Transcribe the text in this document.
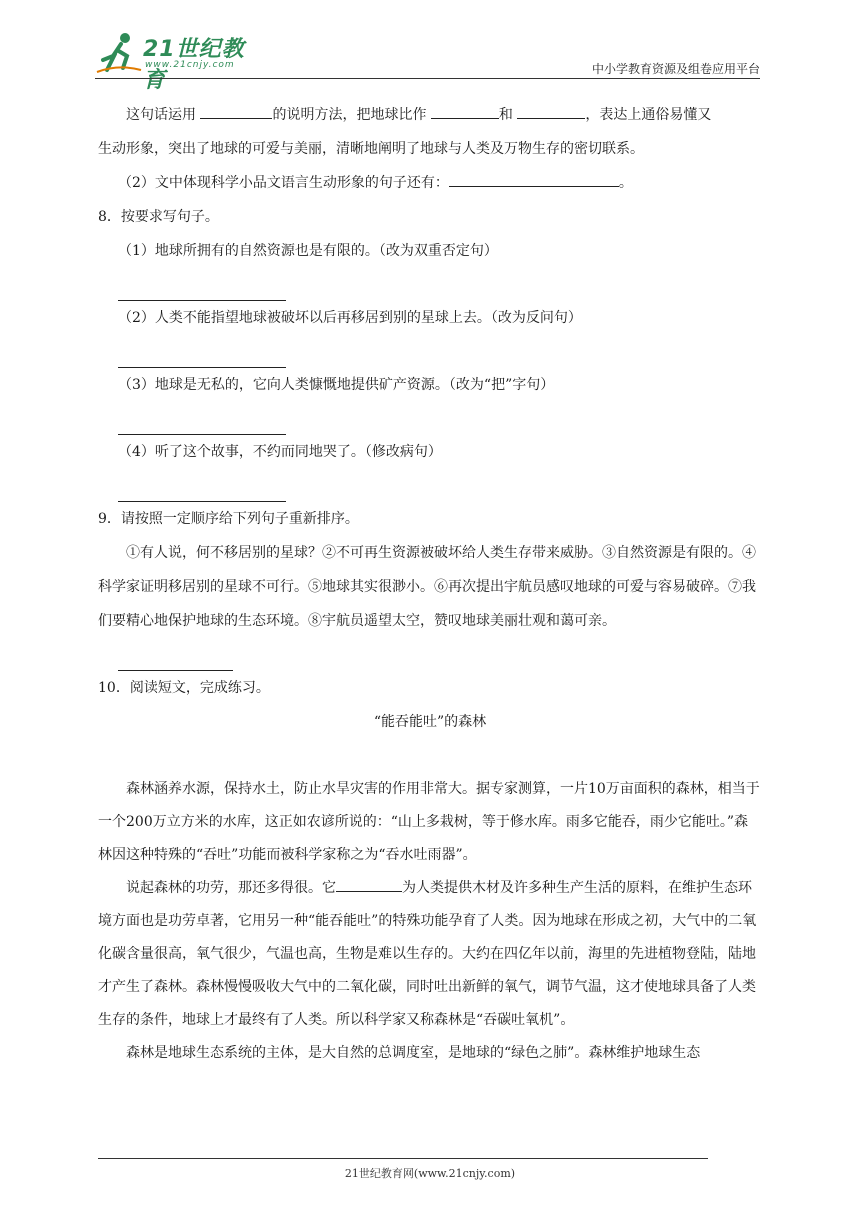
21世纪教育
www.21cnjy.com	中小学教育资源及组卷应用平台

这句话运用	的说明方法，把地球比作	和	，表达上通俗易懂又

生动形象，突出了地球的可爱与美丽，清晰地阐明了地球与人类及万物生存的密切联系。

（2）文中体现科学小品文语言生动形象的句子还有：	。

8．按要求写句子。

（1）地球所拥有的自然资源也是有限的。（改为双重否定句）

（2）人类不能指望地球被破坏以后再移居到别的星球上去。（改为反问句）

（3）地球是无私的，它向人类慷慨地提供矿产资源。（改为“把”字句）

（4）听了这个故事，不约而同地哭了。（修改病句）

9．请按照一定顺序给下列句子重新排序。

①有人说，何不移居别的星球？②不可再生资源被破坏给人类生存带来威胁。③自然资源是有限的。④科学家证明移居别的星球不可行。⑤地球其实很渺小。⑥再次提出宇航员感叹地球的可爱与容易破碎。⑦我们要精心地保护地球的生态环境。⑧宇航员遥望太空，赞叹地球美丽壮观和蔼可亲。

10．阅读短文，完成练习。

“能吞能吐”的森林

森林涵养水源，保持水土，防止水旱灾害的作用非常大。据专家测算，一片10万亩面积的森林，相当于一个200万立方米的水库，这正如农谚所说的：“山上多栽树，等于修水库。雨多它能吞，雨少它能吐。”森林因这种特殊的“吞吐”功能而被科学家称之为“吞水吐雨器”。

说起森林的功劳，那还多得很。它	为人类提供木材及许多种生产生活的原料，在维护生态环境方面也是功劳卓著，它用另一种“能吞能吐”的特殊功能孕育了人类。因为地球在形成之初，大气中的二氧化碳含量很高，氧气很少，气温也高，生物是难以生存的。大约在四亿年以前，海里的先进植物登陆，陆地才产生了森林。森林慢慢吸收大气中的二氧化碳，同时吐出新鲜的氧气，调节气温，这才使地球具备了人类生存的条件，地球上才最终有了人类。所以科学家又称森林是“吞碳吐氧机”。

森林是地球生态系统的主体，是大自然的总调度室，是地球的“绿色之肺”。森林维护地球生态

21世纪教育网(www.21cnjy.com)
